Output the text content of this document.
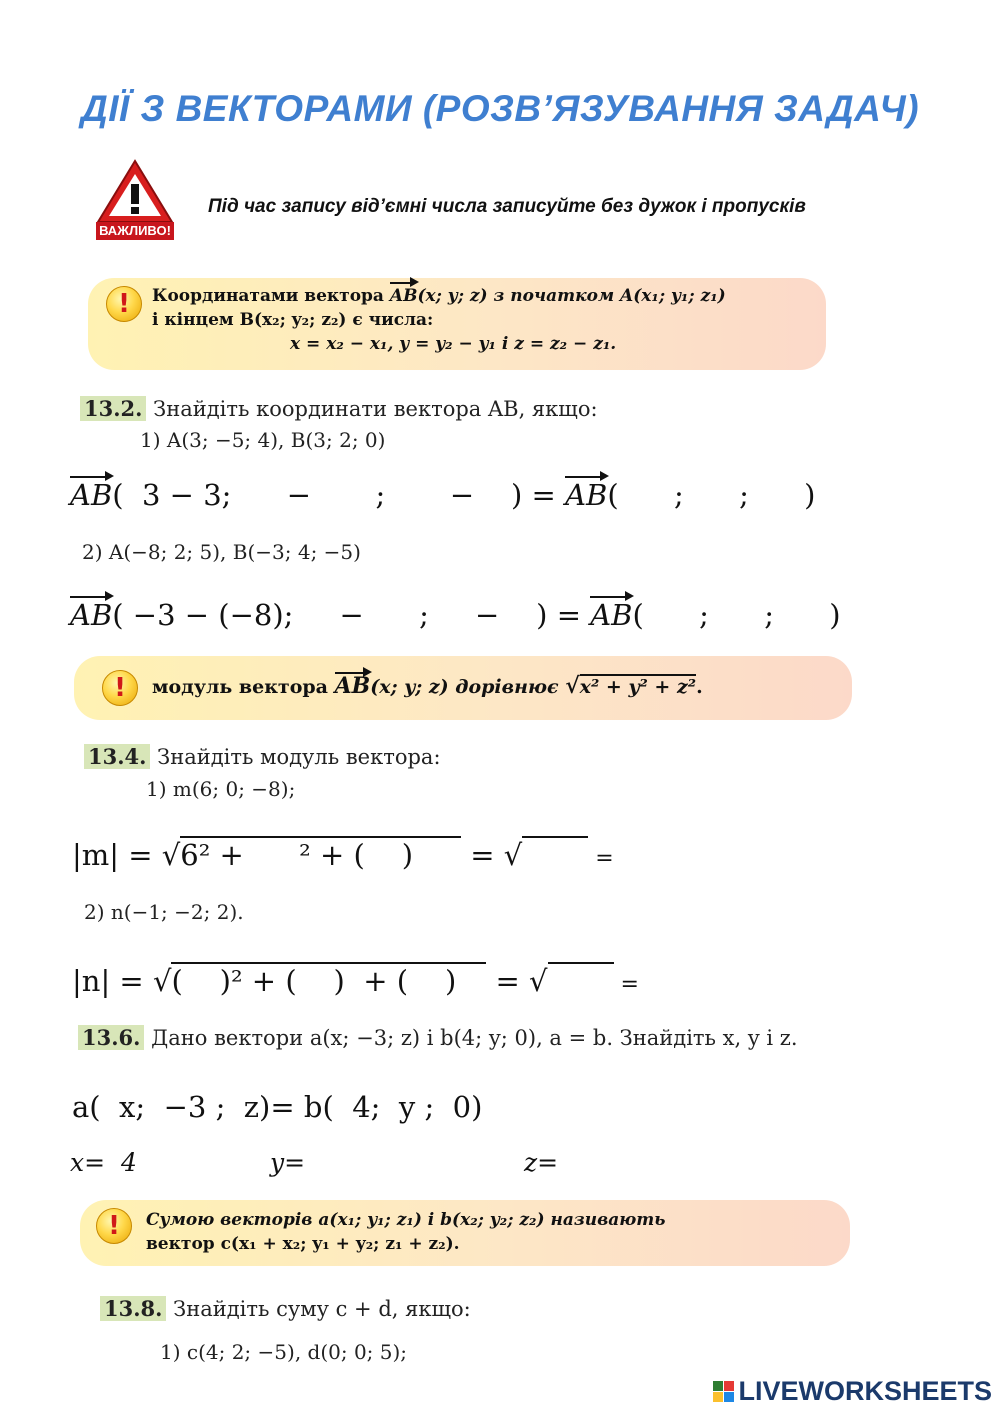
ДІЇ З ВЕКТОРАМИ (РОЗВ’ЯЗУВАННЯ ЗАДАЧ)
ВАЖЛИВО!
Під час запису від’ємні числа записуйте без дужок і пропусків
!	Координатами вектора AB(x; y; z) з початком A(x₁; y₁; z₁)
і кінцем B(x₂; y₂; z₂) є числа:
x = x₂ − x₁, y = y₂ − y₁ і z = z₂ − z₁.
13.2. Знайдіть координати вектора AB, якщо:
1) A(3; −5; 4), B(3; 2; 0)
AB(  3 − 3;      −       ;       −    ) = AB(      ;      ;      )
2) A(−8; 2; 5), B(−3; 4; −5)
AB( −3 − (−8);     −      ;     −    ) = AB(      ;      ;      )
!	модуль вектора AB(x; y; z) дорівнює √x² + y² + z².
13.4. Знайдіть модуль вектора:
1) m(6; 0; −8);
|m| = √6² +      ² + (    ) = √	=
2) n(−1; −2; 2).
|n| = √(    )² + (    )  + (    ) = √	=
13.6. Дано вектори a(x; −3; z) і b(4; y; 0), a = b. Знайдіть x, y і z.
a(  x;  −3 ;  z)= b(  4;  y ;  0)
x=  4	y=	z=
!	Сумою векторів a(x₁; y₁; z₁) і b(x₂; y₂; z₂) називають
вектор c(x₁ + x₂; y₁ + y₂; z₁ + z₂).
13.8. Знайдіть суму c + d, якщо:
1) c(4; 2; −5), d(0; 0; 5);
LIVEWORKSHEETS
